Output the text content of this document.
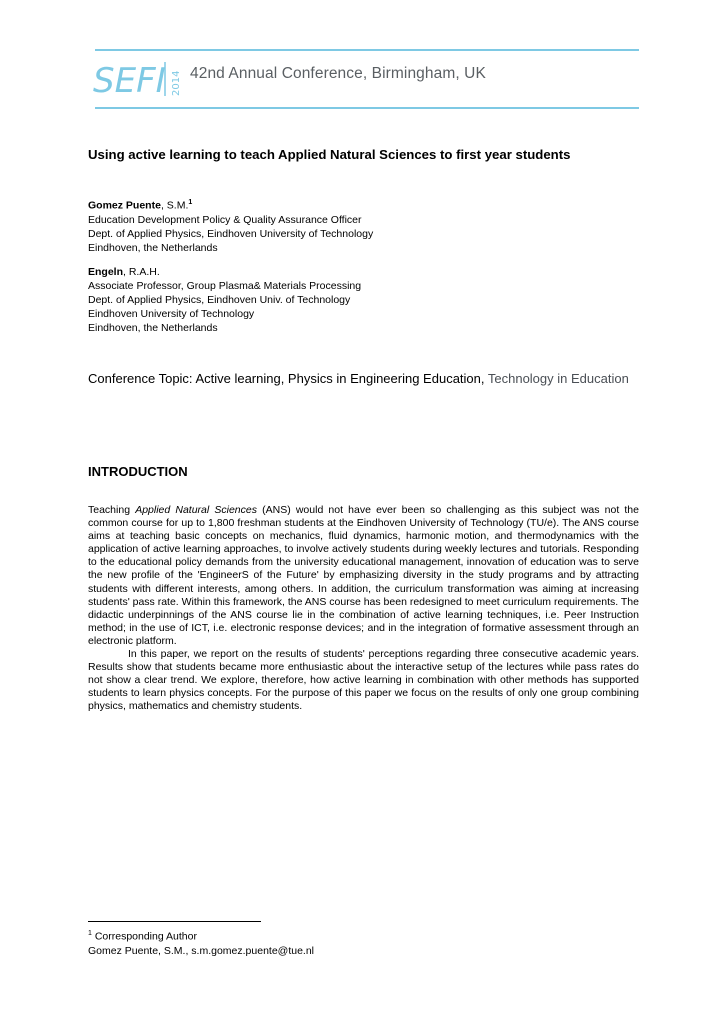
SEFI 2014 42nd Annual Conference, Birmingham, UK
Using active learning to teach Applied Natural Sciences to first year students
Gomez Puente, S.M.$^1$
Education Development Policy & Quality Assurance Officer
Dept. of Applied Physics, Eindhoven University of Technology
Eindhoven, the Netherlands
Engeln, R.A.H.
Associate Professor, Group Plasma& Materials Processing
Dept. of Applied Physics, Eindhoven Univ. of Technology
Eindhoven University of Technology
Eindhoven, the Netherlands
Conference Topic: Active learning, Physics in Engineering Education, Technology in Education
INTRODUCTION

Teaching Applied Natural Sciences (ANS) would not have ever been so challenging as this subject was not the common course for up to 1,800 freshman students at the Eindhoven University of Technology (TU/e). The ANS course aims at teaching basic concepts on mechanics, fluid dynamics, harmonic motion, and thermodynamics with the application of active learning approaches, to involve actively students during weekly lectures and tutorials. Responding to the educational policy demands from the university educational management, innovation of education was to serve the new profile of the 'EngineerS of the Future' by emphasizing diversity in the study programs and by attracting students with different interests, among others. In addition, the curriculum transformation was aiming at increasing students' pass rate. Within this framework, the ANS course has been redesigned to meet curriculum requirements. The didactic underpinnings of the ANS course lie in the combination of active learning techniques, i.e. Peer Instruction method; in the use of ICT, i.e. electronic response devices; and in the integration of formative assessment through an electronic platform.

In this paper, we report on the results of students' perceptions regarding three consecutive academic years. Results show that students became more enthusiastic about the interactive setup of the lectures while pass rates do not show a clear trend. We explore, therefore, how active learning in combination with other methods has supported students to learn physics concepts. For the purpose of this paper we focus on the results of only one group combining physics, mathematics and chemistry students.

$^1$ Corresponding Author
Gomez Puente, S.M., s.m.gomez.puente@tue.nl
